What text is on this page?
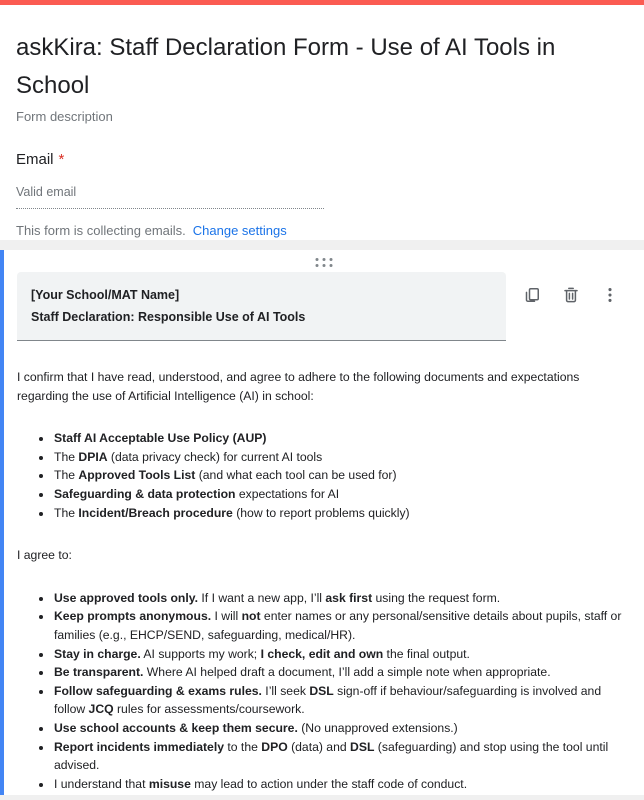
askKira: Staff Declaration Form - Use of AI Tools in School
Form description
Email *
Valid email
This form is collecting emails. Change settings
[Your School/MAT Name]
Staff Declaration: Responsible Use of AI Tools

I confirm that I have read, understood, and agree to adhere to the following documents and expectations regarding the use of Artificial Intelligence (AI) in school:

• Staff AI Acceptable Use Policy (AUP)
• The DPIA (data privacy check) for current AI tools
• The Approved Tools List (and what each tool can be used for)
• Safeguarding & data protection expectations for AI
• The Incident/Breach procedure (how to report problems quickly)

I agree to:

• Use approved tools only. If I want a new app, I’ll ask first using the request form.
• Keep prompts anonymous. I will not enter names or any personal/sensitive details about pupils, staff or families (e.g., EHCP/SEND, safeguarding, medical/HR).
• Stay in charge. AI supports my work; I check, edit and own the final output.
• Be transparent. Where AI helped draft a document, I’ll add a simple note when appropriate.
• Follow safeguarding & exams rules. I’ll seek DSL sign-off if behaviour/safeguarding is involved and follow JCQ rules for assessments/coursework.
• Use school accounts & keep them secure. (No unapproved extensions.)
• Report incidents immediately to the DPO (data) and DSL (safeguarding) and stop using the tool until advised.
• I understand that misuse may lead to action under the staff code of conduct.
